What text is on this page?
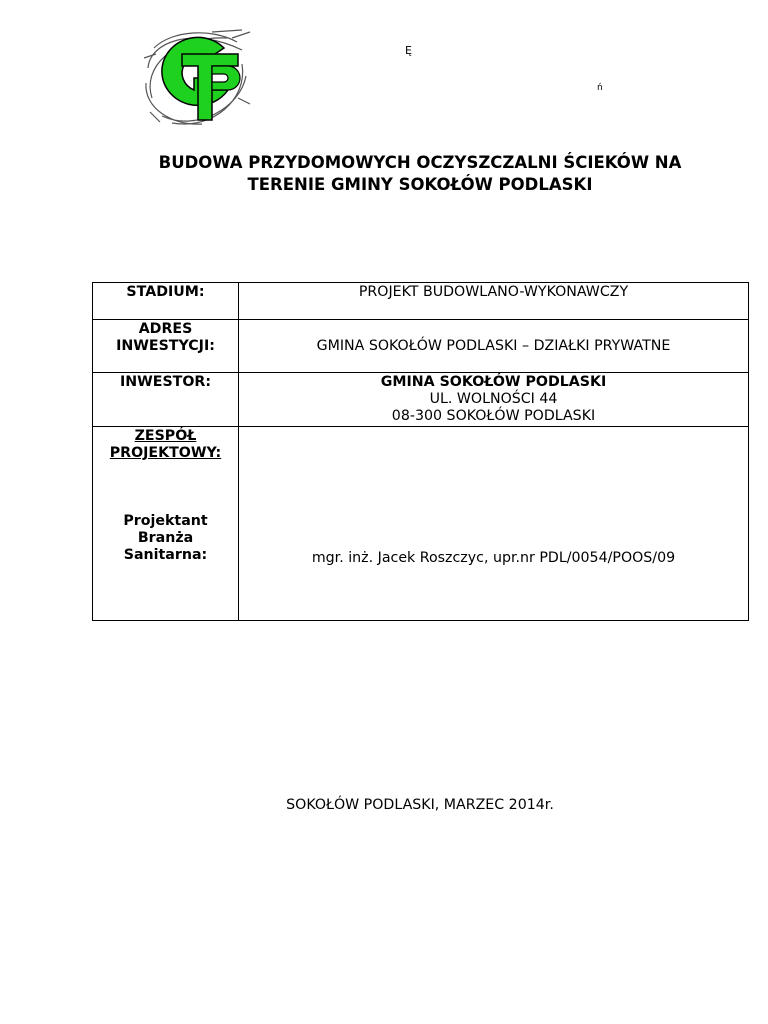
Ę
ń
BUDOWA PRZYDOMOWYCH OCZYSZCZALNI ŚCIEKÓW NA
TERENIE GMINY SOKOŁÓW PODLASKI
STADIUM:	PROJEKT BUDOWLANO-WYKONAWCZY

ADRES
INWESTYCJI:	GMINA SOKOŁÓW PODLASKI – DZIAŁKI PRYWATNE
INWESTOR:	GMINA SOKOŁÓW PODLASKI
UL. WOLNOŚCI 44
08-300 SOKOŁÓW PODLASKI

ZESPÓŁ
PROJEKTOWY:
Projektant
Branża
Sanitarna:	mgr. inż. Jacek Roszczyc, upr.nr PDL/0054/POOS/09
SOKOŁÓW PODLASKI, MARZEC 2014r.
